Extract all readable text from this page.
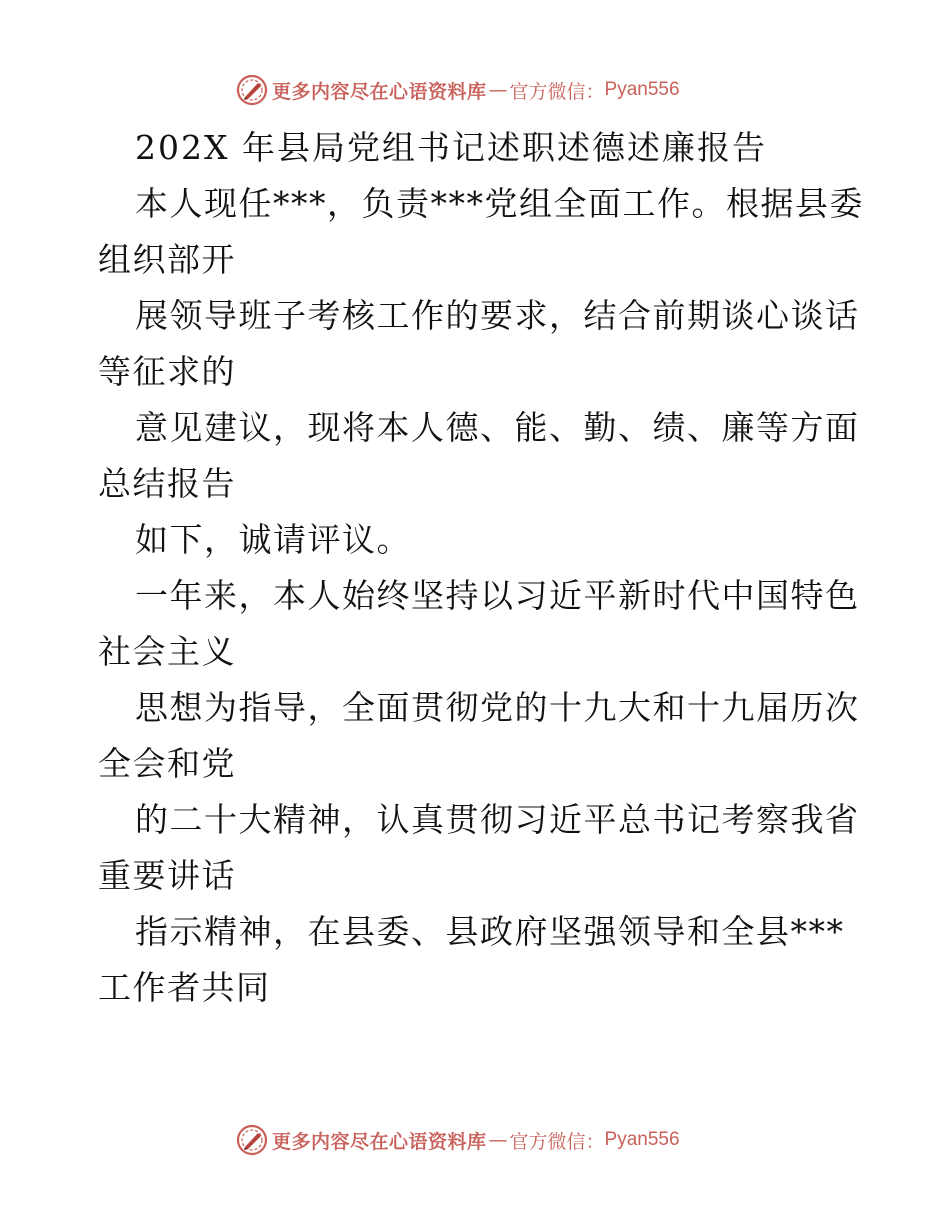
更多内容尽在心语资料库 — 官方微信： Pyan556
202X 年县局党组书记述职述德述廉报告
本人现任***，负责***党组全面工作。根据县委
组织部开
展领导班子考核工作的要求，结合前期谈心谈话
等征求的
意见建议，现将本人德、能、勤、绩、廉等方面
总结报告
如下，诚请评议。
一年来，本人始终坚持以习近平新时代中国特色
社会主义
思想为指导，全面贯彻党的十九大和十九届历次
全会和党
的二十大精神，认真贯彻习近平总书记考察我省
重要讲话
指示精神，在县委、县政府坚强领导和全县***
工作者共同
更多内容尽在心语资料库 — 官方微信： Pyan556
